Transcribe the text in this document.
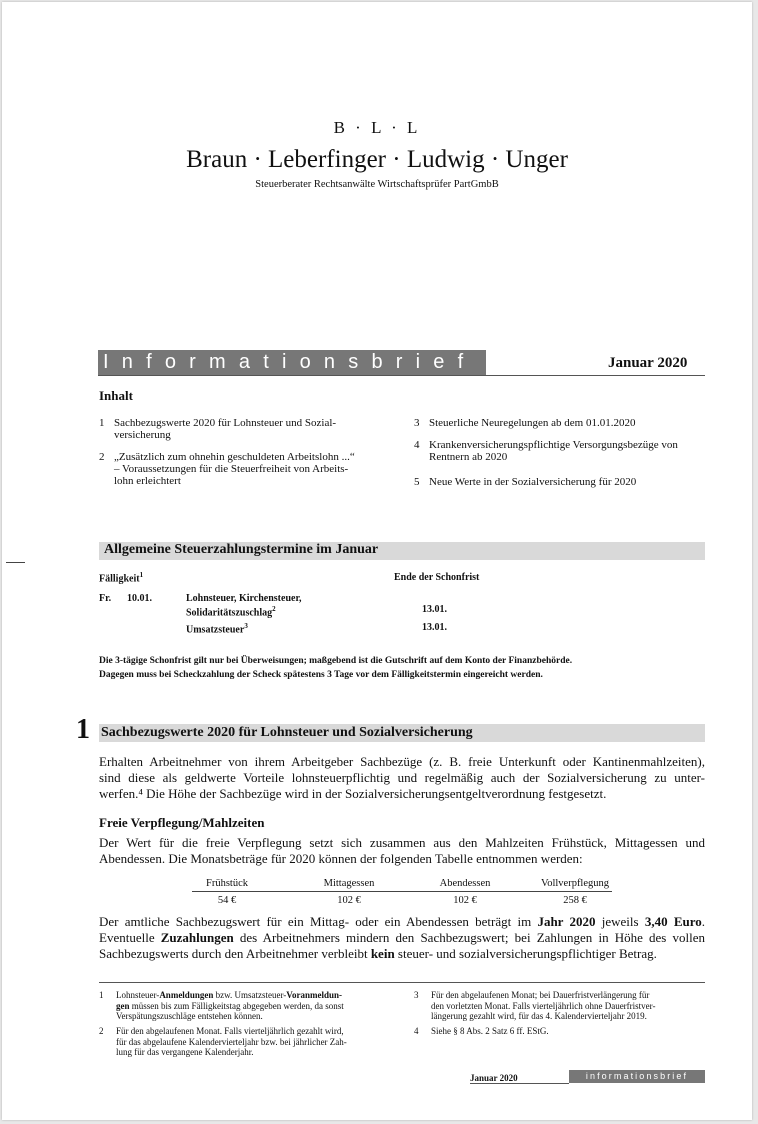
B · L · L
Braun · Leberfinger · Ludwig · Unger
Steuerberater Rechtsanwälte Wirtschaftsprüfer PartGmbB
Informationsbrief	Januar 2020
Inhalt
1 Sachbezugswerte 2020 für Lohnsteuer und Sozial-
versicherung
2 „Zusätzlich zum ohnehin geschuldeten Arbeitslohn ...“
– Voraussetzungen für die Steuerfreiheit von Arbeits-
lohn erleichtert
3 Steuerliche Neuregelungen ab dem 01.01.2020
4 Krankenversicherungspflichtige Versorgungsbezüge von
Rentnern ab 2020
5 Neue Werte in der Sozialversicherung für 2020
Allgemeine Steuerzahlungstermine im Januar
Fälligkeit$^1$	Ende der Schonfrist
Fr. 10.01.	Lohnsteuer, Kirchensteuer,
Solidaritätszuschlag$^2$	13.01.
Umsatzsteuer$^3$	13.01.
Die 3-tägige Schonfrist gilt nur bei Überweisungen; maßgebend ist die Gutschrift auf dem Konto der Finanzbehörde.
Dagegen muss bei Scheckzahlung der Scheck spätestens 3 Tage vor dem Fälligkeitstermin eingereicht werden.
1 Sachbezugswerte 2020 für Lohnsteuer und Sozialversicherung
Erhalten Arbeitnehmer von ihrem Arbeitgeber Sachbezüge (z. B. freie Unterkunft oder Kantinenmahlzeiten),
sind diese als geldwerte Vorteile lohnsteuerpflichtig und regelmäßig auch der Sozialversicherung zu unter-
werfen.⁴ Die Höhe der Sachbezüge wird in der Sozialversicherungsentgeltverordnung festgesetzt.
Freie Verpflegung/Mahlzeiten
Der Wert für die freie Verpflegung setzt sich zusammen aus den Mahlzeiten Frühstück, Mittagessen und
Abendessen. Die Monatsbeträge für 2020 können der folgenden Tabelle entnommen werden:
Frühstück	Mittagessen	Abendessen	Vollverpflegung
54 €	102 €	102 €	258 €
Der amtliche Sachbezugswert für ein Mittag- oder ein Abendessen beträgt im Jahr 2020 jeweils 3,40 Euro.
Eventuelle Zuzahlungen des Arbeitnehmers mindern den Sachbezugswert; bei Zahlungen in Höhe des vollen
Sachbezugswerts durch den Arbeitnehmer verbleibt kein steuer- und sozialversicherungspflichtiger Betrag.
1 Lohnsteuer-Anmeldungen bzw. Umsatzsteuer-Voranmeldun-
gen müssen bis zum Fälligkeitstag abgegeben werden, da sonst
Verspätungszuschläge entstehen können.
2 Für den abgelaufenen Monat. Falls vierteljährlich gezahlt wird,
für das abgelaufene Kalendervierteljahr bzw. bei jährlicher Zah-
lung für das vergangene Kalenderjahr.
3 Für den abgelaufenen Monat; bei Dauerfristverlängerung für
den vorletzten Monat. Falls vierteljährlich ohne Dauerfristver-
längerung gezahlt wird, für das 4. Kalendervierteljahr 2019.
4 Siehe § 8 Abs. 2 Satz 6 ff. EStG.
Januar 2020	informationsbrief
